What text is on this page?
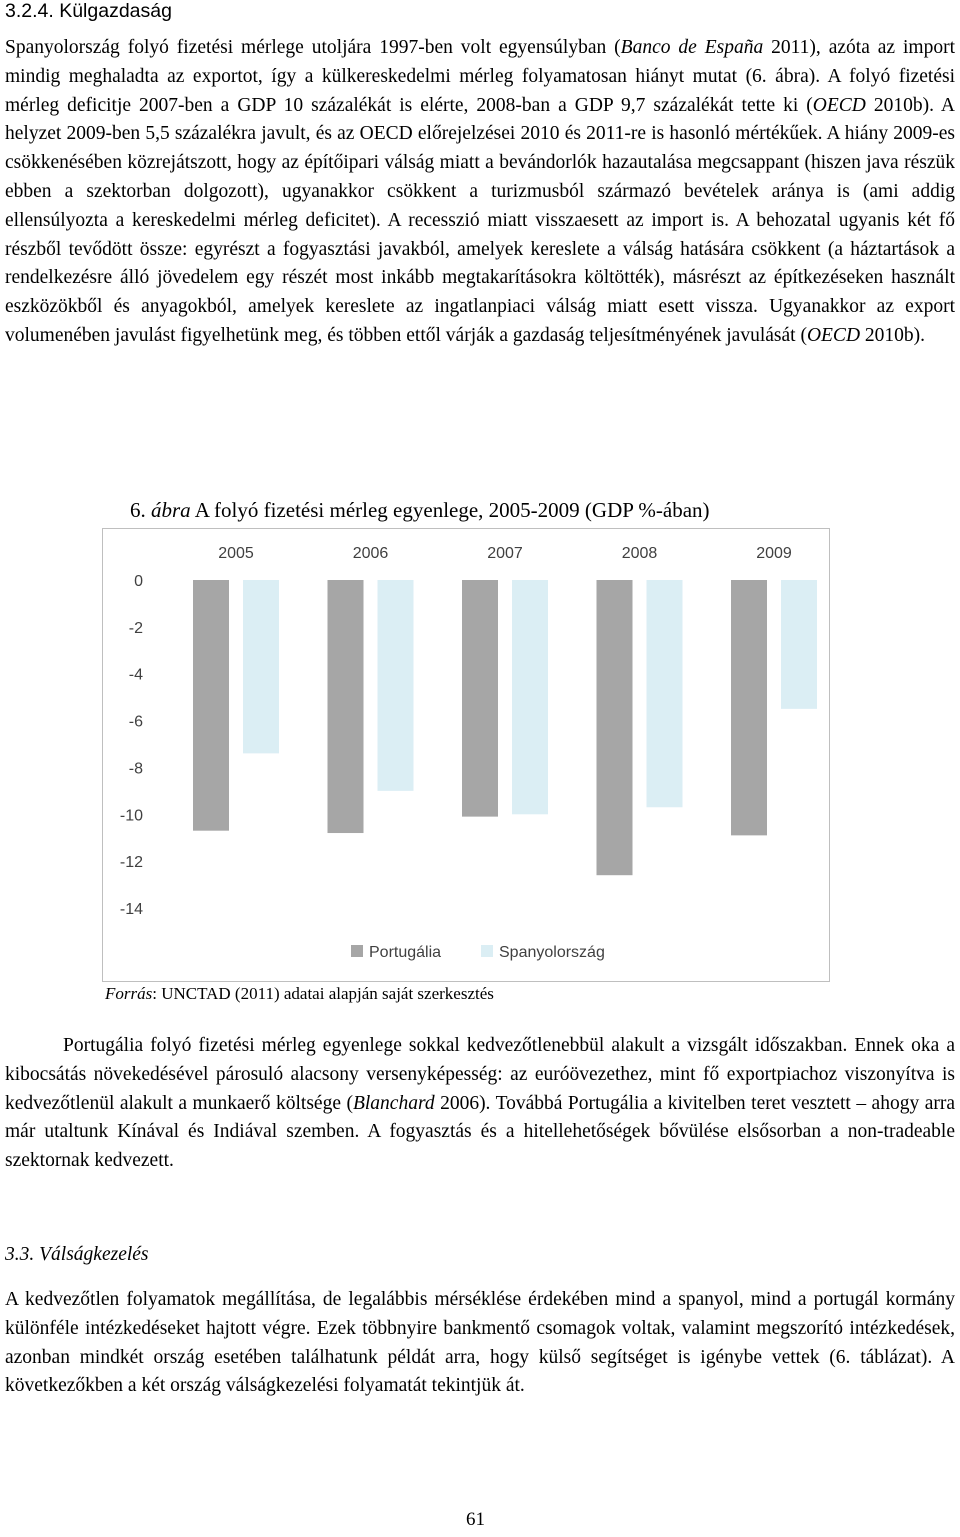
3.2.4. Külgazdaság
Spanyolország folyó fizetési mérlege utoljára 1997-ben volt egyensúlyban (Banco de España 2011), azóta az import mindig meghaladta az exportot, így a külkereskedelmi mérleg folyamatosan hiányt mutat (6. ábra). A folyó fizetési mérleg deficitje 2007-ben a GDP 10 százalékát is elérte, 2008-ban a GDP 9,7 százalékát tette ki (OECD 2010b). A helyzet 2009-ben 5,5 százalékra javult, és az OECD előrejelzései 2010 és 2011-re is hasonló mértékűek. A hiány 2009-es csökkenésében közrejátszott, hogy az építőipari válság miatt a bevándorlók hazautalása megcsappant (hiszen java részük ebben a szektorban dolgozott), ugyanakkor csökkent a turizmusból származó bevételek aránya is (ami addig ellensúlyozta a kereskedelmi mérleg deficitet). A recesszió miatt visszaesett az import is. A behozatal ugyanis két fő részből tevődött össze: egyrészt a fogyasztási javakból, amelyek kereslete a válság hatására csökkent (a háztartások a rendelkezésre álló jövedelem egy részét most inkább megtakarításokra költötték), másrészt az építkezéseken használt eszközökből és anyagokból, amelyek kereslete az ingatlanpiaci válság miatt esett vissza. Ugyanakkor az export volumenében javulást figyelhetünk meg, és többen ettől várják a gazdaság teljesítményének javulását (OECD 2010b).
6. ábra A folyó fizetési mérleg egyenlege, 2005-2009 (GDP %-ában)
0
-2
-4
-6
-8
-10
-12
-14
2005	2006	2007	2008	2009
Portugália	Spanyolország
Forrás: UNCTAD (2011) adatai alapján saját szerkesztés
Portugália folyó fizetési mérleg egyenlege sokkal kedvezőtlenebbül alakult a vizsgált időszakban. Ennek oka a kibocsátás növekedésével párosuló alacsony versenyképesség: az euróövezethez, mint fő exportpiachoz viszonyítva is kedvezőtlenül alakult a munkaerő költsége (Blanchard 2006). Továbbá Portugália a kivitelben teret vesztett – ahogy arra már utaltunk Kínával és Indiával szemben. A fogyasztás és a hitellehetőségek bővülése elsősorban a non-tradeable szektornak kedvezett.
3.3. Válságkezelés
A kedvezőtlen folyamatok megállítása, de legalábbis mérséklése érdekében mind a spanyol, mind a portugál kormány különféle intézkedéseket hajtott végre. Ezek többnyire bankmentő csomagok voltak, valamint megszorító intézkedések, azonban mindkét ország esetében találhatunk példát arra, hogy külső segítséget is igénybe vettek (6. táblázat). A következőkben a két ország válságkezelési folyamatát tekintjük át.
61
